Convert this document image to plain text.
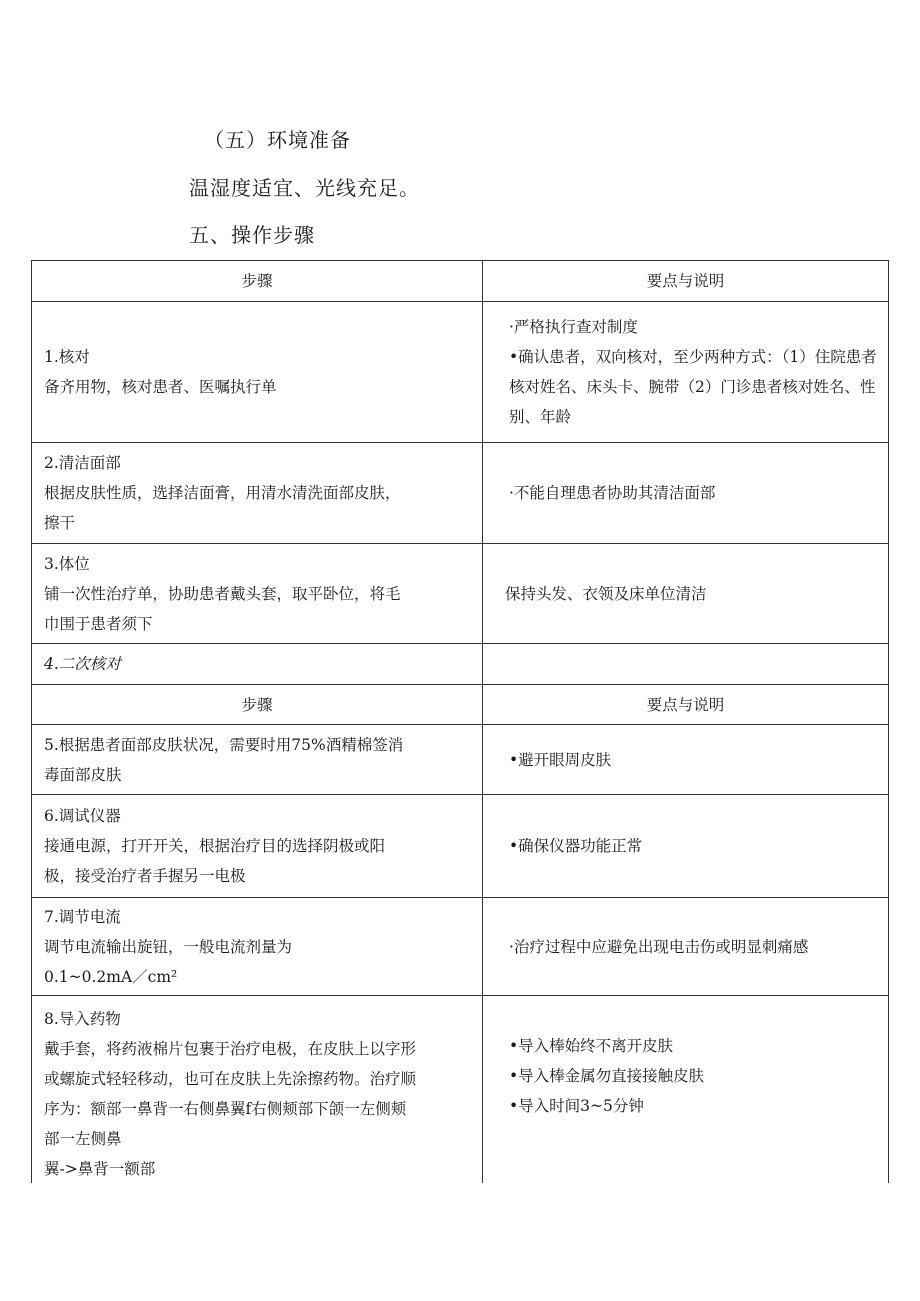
（五）环境准备
温湿度适宜、光线充足。
五、操作步骤
步骤	要点与说明
1.核对
备齐用物，核对患者、医嘱执行单
·严格执行查对制度
•确认患者，双向核对，至少两种方式：（1）住院患者核对姓名、床头卡、腕带（2）门诊患者核对姓名、性别、年龄
2.清洁面部
根据皮肤性质，选择洁面膏，用清水清洗面部皮肤，
擦干
·不能自理患者协助其清洁面部
3.体位
铺一次性治疗单，协助患者戴头套，取平卧位，将毛
巾围于患者须下
保持头发、衣领及床单位清洁
4.二次核对
步骤	要点与说明
5.根据患者面部皮肤状况，需要时用75%酒精棉签消
毒面部皮肤
•避开眼周皮肤
6.调试仪器
接通电源，打开开关，根据治疗目的选择阴极或阳
极，接受治疗者手握另一电极
•确保仪器功能正常
7.调节电流
调节电流输出旋钮，一般电流剂量为
0.1~0.2mA／cm²
·治疗过程中应避免出现电击伤或明显刺痛感
8.导入药物
戴手套，将药液棉片包裹于治疗电极，在皮肤上以字形
或螺旋式轻轻移动，也可在皮肤上先涂擦药物。治疗顺
序为：额部一鼻背一右侧鼻翼f右侧颊部下颌一左侧颊
部一左侧鼻
翼->鼻背一额部
•导入棒始终不离开皮肤
•导入棒金属勿直接接触皮肤
•导入时间3~5分钟
